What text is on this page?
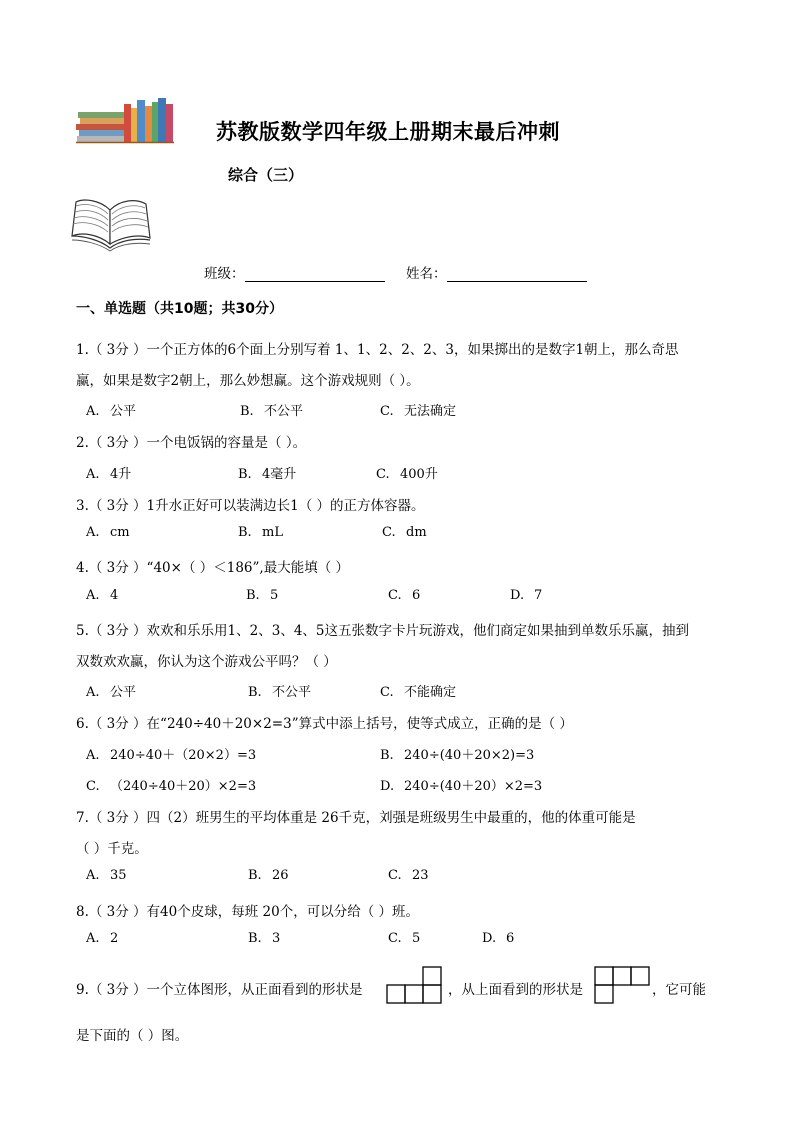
苏教版数学四年级上册期末最后冲刺
综合（三）
班级：	姓名：
一、单选题（共10题；共30分）
1.（ 3分 ）一个正方体的6个面上分别写着 1、1、2、2、2、3，如果掷出的是数字1朝上，那么奇思
赢，如果是数字2朝上，那么妙想赢。这个游戏规则（ ）。
A. 公平	B. 不公平	C. 无法确定
2.（ 3分 ）一个电饭锅的容量是（ ）。
A. 4升	B. 4毫升	C. 400升
3.（ 3分 ）1升水正好可以装满边长1（ ）的正方体容器。
A. cm	B. mL	C. dm
4.（ 3分 ）“40×（ ）＜186”,最大能填（ ）
A. 4	B. 5	C. 6	D. 7
5.（ 3分 ）欢欢和乐乐用1、2、3、4、5这五张数字卡片玩游戏，他们商定如果抽到单数乐乐赢，抽到
双数欢欢赢，你认为这个游戏公平吗？（ ）
A. 公平	B. 不公平	C. 不能确定
6.（ 3分 ）在“240÷40＋20×2=3”算式中添上括号，使等式成立，正确的是（ ）
A. 240÷40＋（20×2）=3	B. 240÷(40＋20×2)=3
C. （240÷40＋20）×2=3	D. 240÷(40＋20）×2=3
7.（ 3分 ）四（2）班男生的平均体重是 26千克，刘强是班级男生中最重的，他的体重可能是
（ ）千克。
A. 35	B. 26	C. 23
8.（ 3分 ）有40个皮球，每班 20个，可以分给（ ）班。
A. 2	B. 3	C. 5	D. 6
9.（ 3分 ）一个立体图形，从正面看到的形状是	，从上面看到的形状是	，它可能
是下面的（ ）图。
